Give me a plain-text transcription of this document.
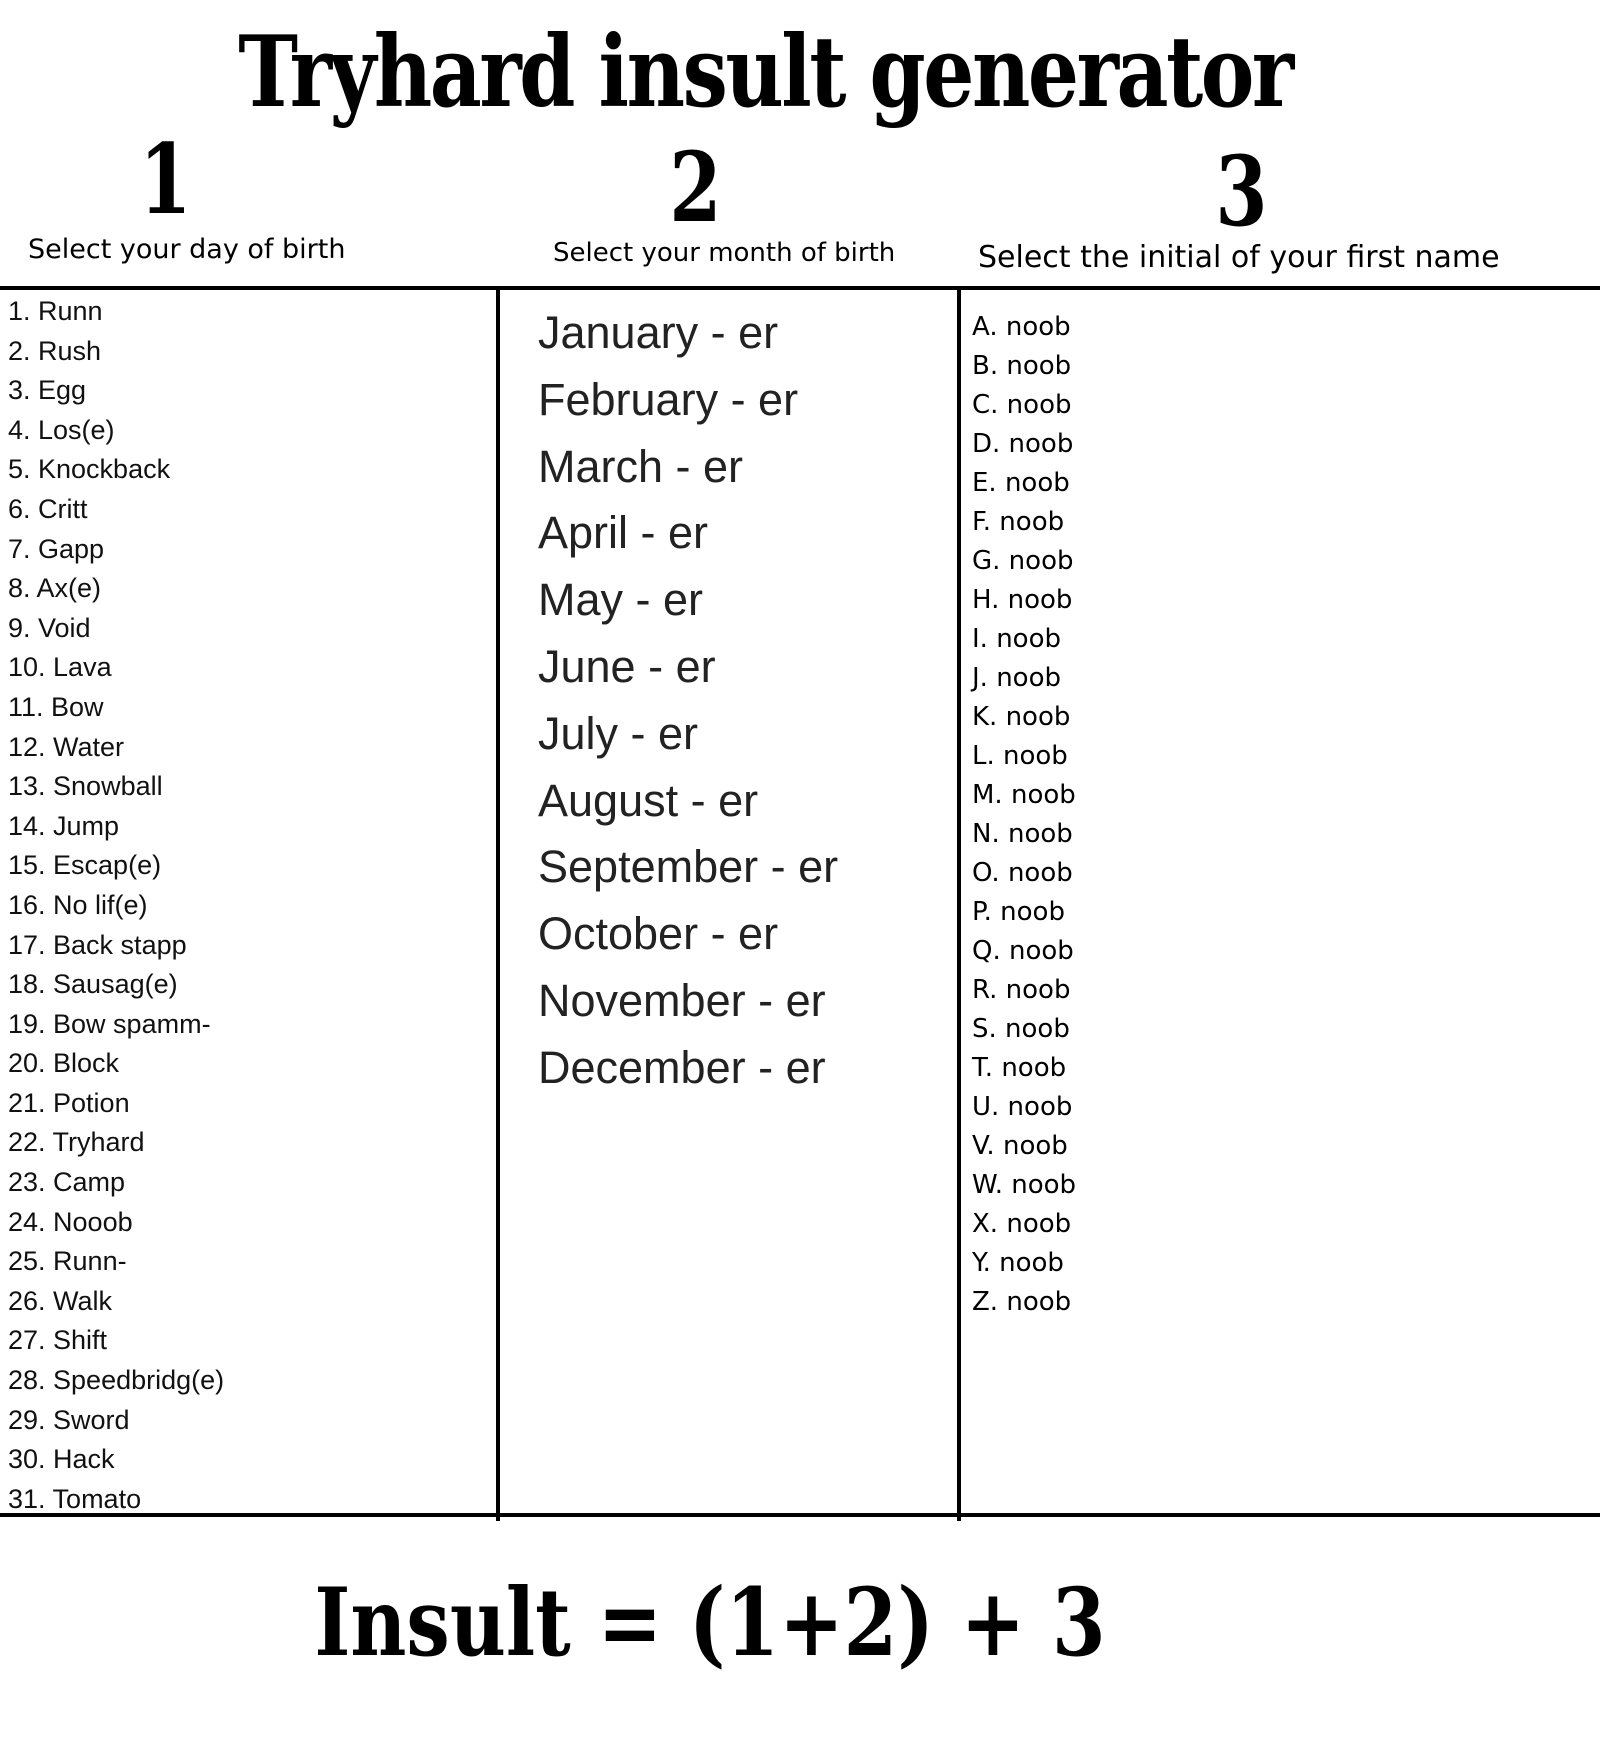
Tryhard insult generator
1
Select your day of birth
2
Select your month of birth
3
Select the initial of your first name
1. Runn
2. Rush
3. Egg
4. Los(e)
5. Knockback
6. Critt
7. Gapp
8. Ax(e)
9. Void
10. Lava
11. Bow
12. Water
13. Snowball
14. Jump
15. Escap(e)
16. No lif(e)
17. Back stapp
18. Sausag(e)
19. Bow spamm-
20. Block
21. Potion
22. Tryhard
23. Camp
24. Nooob
25. Runn-
26. Walk
27. Shift
28. Speedbridg(e)
29. Sword
30. Hack
31. Tomato
January - er
February - er
March - er
April - er
May - er
June - er
July - er
August - er
September - er
October - er
November - er
December - er
A. noob
B. noob
C. noob
D. noob
E. noob
F. noob
G. noob
H. noob
I. noob
J. noob
K. noob
L. noob
M. noob
N. noob
O. noob
P. noob
Q. noob
R. noob
S. noob
T. noob
U. noob
V. noob
W. noob
X. noob
Y. noob
Z. noob
Insult = (1+2) + 3
